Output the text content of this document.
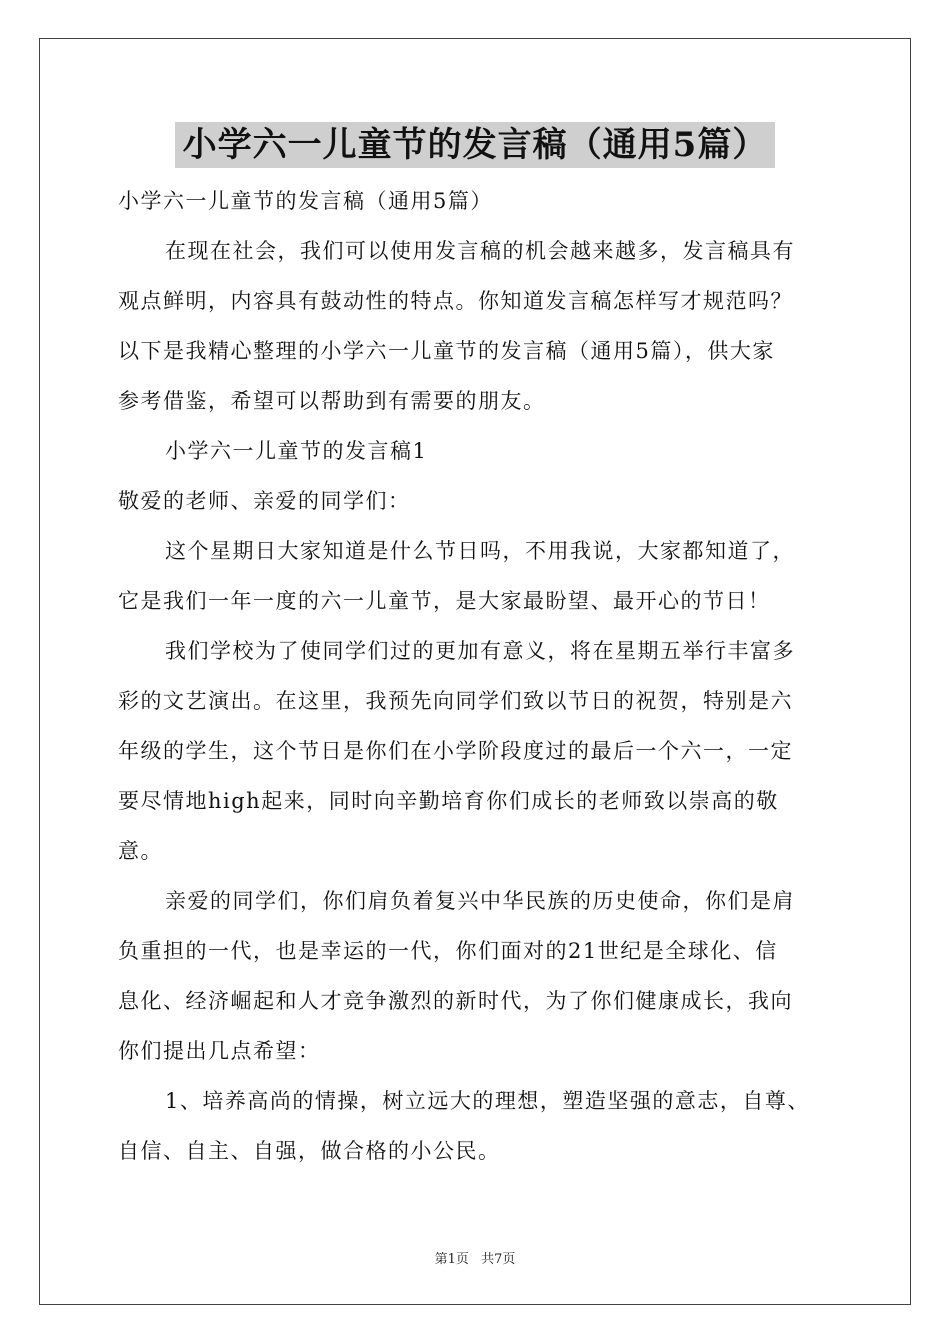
小学六一儿童节的发言稿（通用5篇）
小学六一儿童节的发言稿（通用5篇）
在现在社会，我们可以使用发言稿的机会越来越多，发言稿具有
观点鲜明，内容具有鼓动性的特点。你知道发言稿怎样写才规范吗？
以下是我精心整理的小学六一儿童节的发言稿（通用5篇），供大家
参考借鉴，希望可以帮助到有需要的朋友。
小学六一儿童节的发言稿1
敬爱的老师、亲爱的同学们：
这个星期日大家知道是什么节日吗，不用我说，大家都知道了，
它是我们一年一度的六一儿童节，是大家最盼望、最开心的节日！
我们学校为了使同学们过的更加有意义，将在星期五举行丰富多
彩的文艺演出。在这里，我预先向同学们致以节日的祝贺，特别是六
年级的学生，这个节日是你们在小学阶段度过的最后一个六一，一定
要尽情地high起来，同时向辛勤培育你们成长的老师致以崇高的敬
意。
亲爱的同学们，你们肩负着复兴中华民族的历史使命，你们是肩
负重担的一代，也是幸运的一代，你们面对的21世纪是全球化、信
息化、经济崛起和人才竞争激烈的新时代，为了你们健康成长，我向
你们提出几点希望：
1、培养高尚的情操，树立远大的理想，塑造坚强的意志，自尊、
自信、自主、自强，做合格的小公民。
第1页 共7页
